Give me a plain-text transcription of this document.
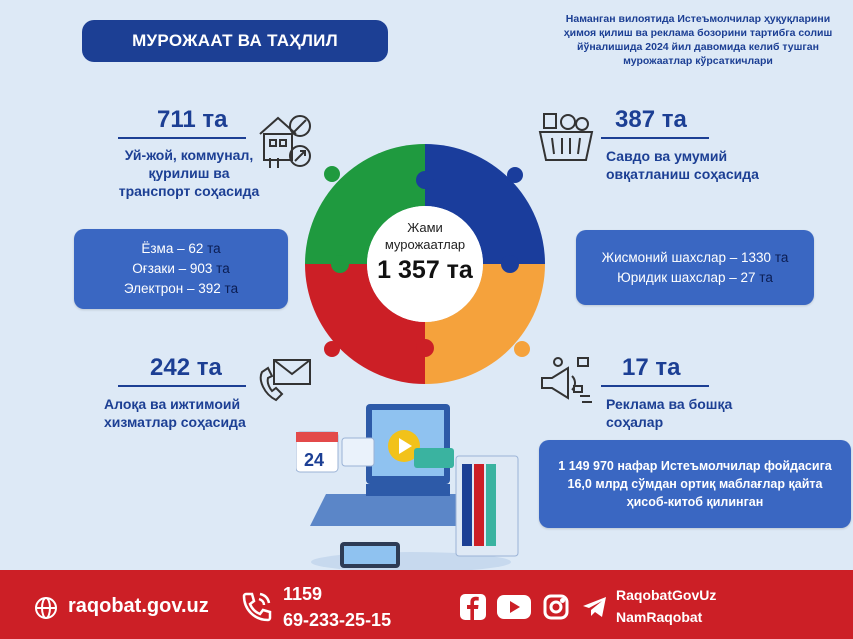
МУРОЖААТ ВА ТАҲЛИЛ
Наманган вилоятида Истеъмолчилар ҳуқуқларини
ҳимоя қилиш ва реклама бозорини тартибга солиш
йўналишида 2024 йил давомида келиб тушган
мурожаатлар кўрсаткичлари
711 та
Уй-жой, коммунал,
қурилиш ва
транспорт соҳасида
387 та
Савдо ва умумий
овқатланиш соҳасида
242 та
Алоқа ва ижтимоий
хизматлар соҳасида
17 та
Реклама ва бошқа
соҳалар
Ёзма – 62 та
Оғзаки – 903 та
Электрон – 392 та
Жисмоний шахслар – 1330 та
Юридик шахслар – 27 та
1 149 970 нафар Истеъмолчилар фойдасига
16,0 млрд сўмдан ортиқ маблағлар қайта
ҳисоб-китоб қилинган
Жами
мурожаатлар
1 357 та
24
raqobat.gov.uz
1159
69-233-25-15
RaqobatGovUz
NamRaqobat
